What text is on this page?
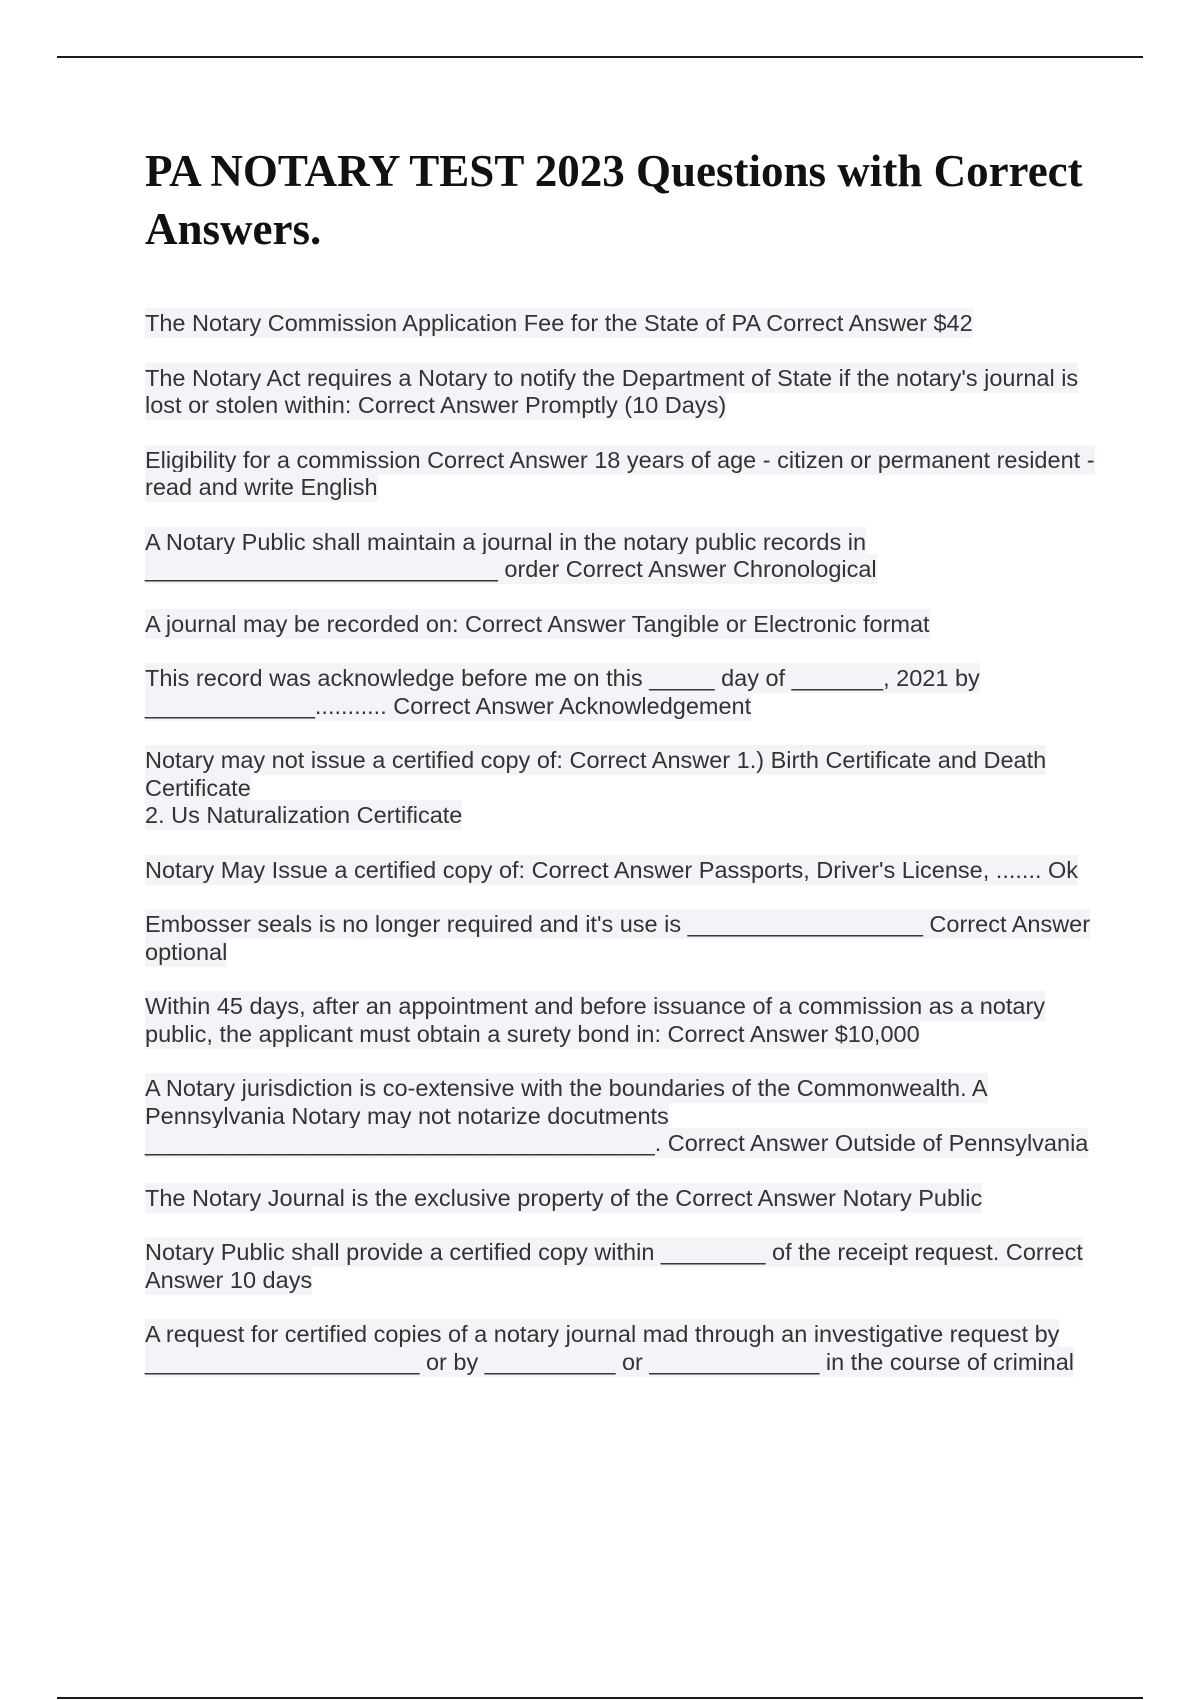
PA NOTARY TEST 2023 Questions with Correct Answers.

The Notary Commission Application Fee for the State of PA Correct Answer $42

The Notary Act requires a Notary to notify the Department of State if the notary's journal is lost or stolen within: Correct Answer Promptly (10 Days)

Eligibility for a commission Correct Answer 18 years of age - citizen or permanent resident - read and write English

A Notary Public shall maintain a journal in the notary public records in ___________________________ order Correct Answer Chronological

A journal may be recorded on: Correct Answer Tangible or Electronic format

This record was acknowledge before me on this _____ day of _______, 2021 by _____________........... Correct Answer Acknowledgement

Notary may not issue a certified copy of: Correct Answer 1.) Birth Certificate and Death Certificate
2. Us Naturalization Certificate

Notary May Issue a certified copy of: Correct Answer Passports, Driver's License, ....... Ok

Embosser seals is no longer required and it's use is __________________ Correct Answer optional

Within 45 days, after an appointment and before issuance of a commission as a notary public, the applicant must obtain a surety bond in: Correct Answer $10,000

A Notary jurisdiction is co-extensive with the boundaries of the Commonwealth. A Pennsylvania Notary may not notarize docutments _______________________________________. Correct Answer Outside of Pennsylvania

The Notary Journal is the exclusive property of the Correct Answer Notary Public

Notary Public shall provide a certified copy within ________ of the receipt request. Correct Answer 10 days

A request for certified copies of a notary journal mad through an investigative request by _____________________ or by __________ or _____________ in the course of criminal
